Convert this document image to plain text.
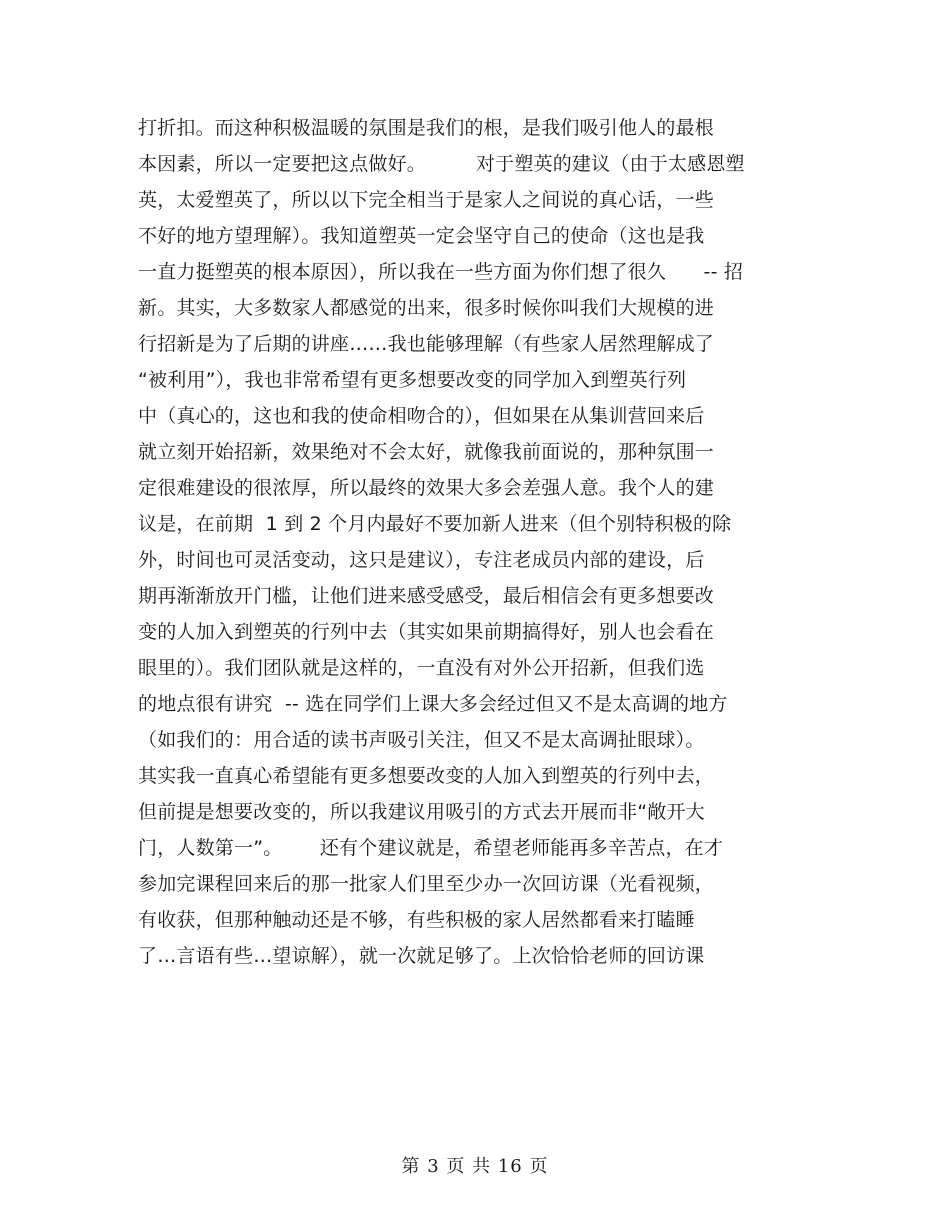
打折扣。而这种积极温暖的氛围是我们的根，是我们吸引他人的最根
本因素，所以一定要把这点做好。        对于塑英的建议（由于太感恩塑
英，太爱塑英了，所以以下完全相当于是家人之间说的真心话，一些
不好的地方望理解）。我知道塑英一定会坚守自己的使命（这也是我
一直力挺塑英的根本原因），所以我在一些方面为你们想了很久      -- 招
新。其实，大多数家人都感觉的出来，很多时候你叫我们大规模的进
行招新是为了后期的讲座……我也能够理解（有些家人居然理解成了
“被利用”），我也非常希望有更多想要改变的同学加入到塑英行列
中（真心的，这也和我的使命相吻合的），但如果在从集训营回来后
就立刻开始招新，效果绝对不会太好，就像我前面说的，那种氛围一
定很难建设的很浓厚，所以最终的效果大多会差强人意。我个人的建
议是，在前期  1 到 2 个月内最好不要加新人进来（但个别特积极的除
外，时间也可灵活变动，这只是建议），专注老成员内部的建设，后
期再渐渐放开门槛，让他们进来感受感受，最后相信会有更多想要改
变的人加入到塑英的行列中去（其实如果前期搞得好，别人也会看在
眼里的）。我们团队就是这样的，一直没有对外公开招新，但我们选
的地点很有讲究  -- 选在同学们上课大多会经过但又不是太高调的地方
（如我们的：用合适的读书声吸引关注，但又不是太高调扯眼球）。
其实我一直真心希望能有更多想要改变的人加入到塑英的行列中去，
但前提是想要改变的，所以我建议用吸引的方式去开展而非“敞开大
门，人数第一”。      还有个建议就是，希望老师能再多辛苦点，在才
参加完课程回来后的那一批家人们里至少办一次回访课（光看视频，
有收获，但那种触动还是不够，有些积极的家人居然都看来打瞌睡
了…言语有些…望谅解），就一次就足够了。上次恰恰老师的回访课
第 3 页 共 16 页
